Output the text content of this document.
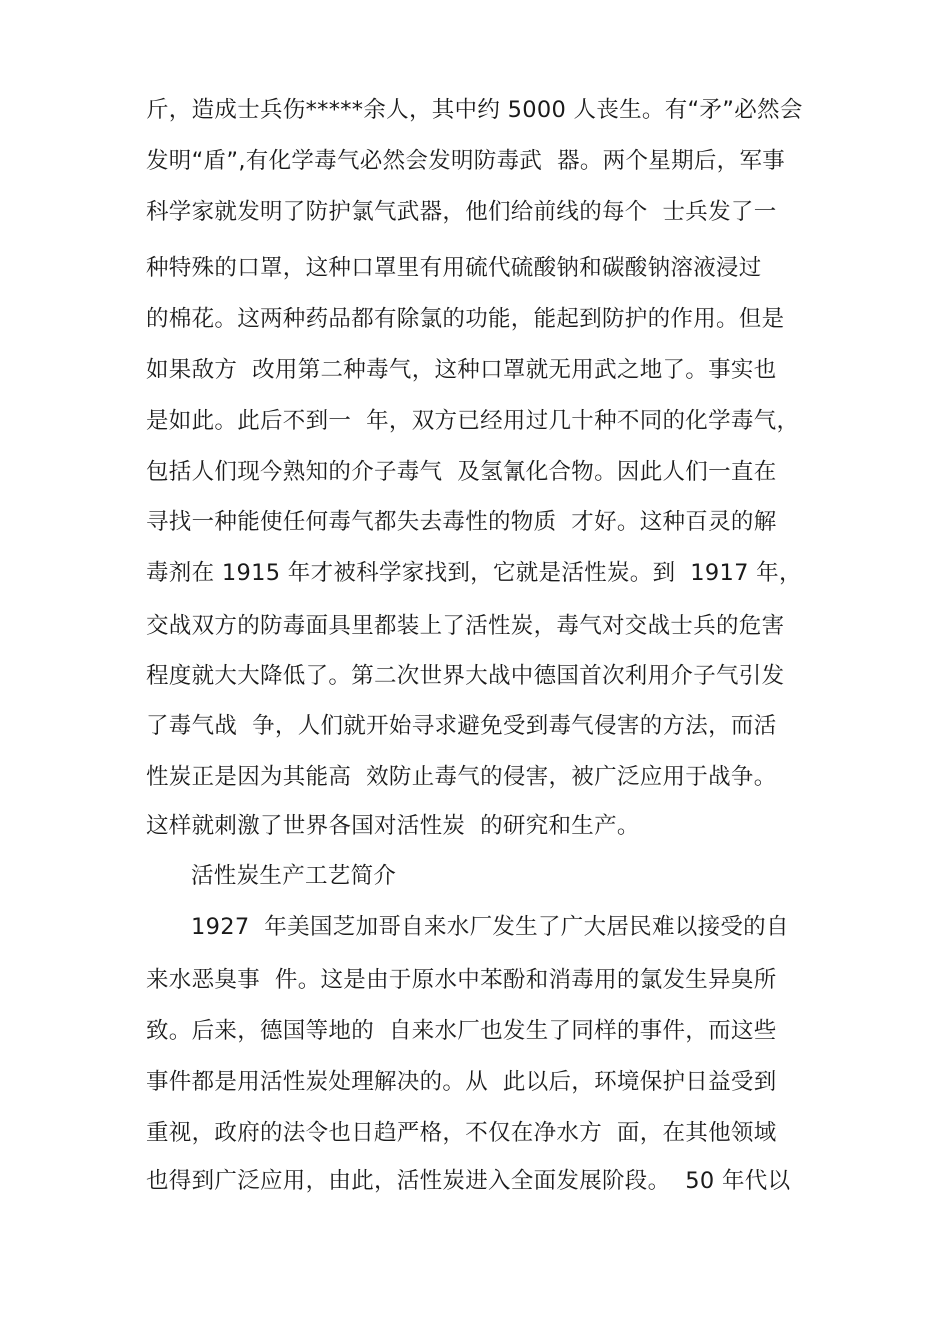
斤，造成士兵伤*****余人，其中约 5000 人丧生。有“矛”必然会
发明“盾”,有化学毒气必然会发明防毒武  器。两个星期后，军事
科学家就发明了防护氯气武器，他们给前线的每个  士兵发了一
种特殊的口罩，这种口罩里有用硫代硫酸钠和碳酸钠溶液浸过
的棉花。这两种药品都有除氯的功能，能起到防护的作用。但是
如果敌方  改用第二种毒气，这种口罩就无用武之地了。事实也
是如此。此后不到一  年，双方已经用过几十种不同的化学毒气，
包括人们现今熟知的介子毒气  及氢氰化合物。因此人们一直在
寻找一种能使任何毒气都失去毒性的物质  才好。这种百灵的解
毒剂在 1915 年才被科学家找到，它就是活性炭。到  1917 年，
交战双方的防毒面具里都装上了活性炭，毒气对交战士兵的危害
程度就大大降低了。第二次世界大战中德国首次利用介子气引发
了毒气战  争，人们就开始寻求避免受到毒气侵害的方法，而活
性炭正是因为其能高  效防止毒气的侵害，被广泛应用于战争。
这样就刺激了世界各国对活性炭  的研究和生产。
活性炭生产工艺简介
1927  年美国芝加哥自来水厂发生了广大居民难以接受的自
来水恶臭事  件。这是由于原水中苯酚和消毒用的氯发生异臭所
致。后来，德国等地的  自来水厂也发生了同样的事件，而这些
事件都是用活性炭处理解决的。从  此以后，环境保护日益受到
重视，政府的法令也日趋严格，不仅在净水方  面，在其他领域
也得到广泛应用，由此，活性炭进入全面发展阶段。  50 年代以
